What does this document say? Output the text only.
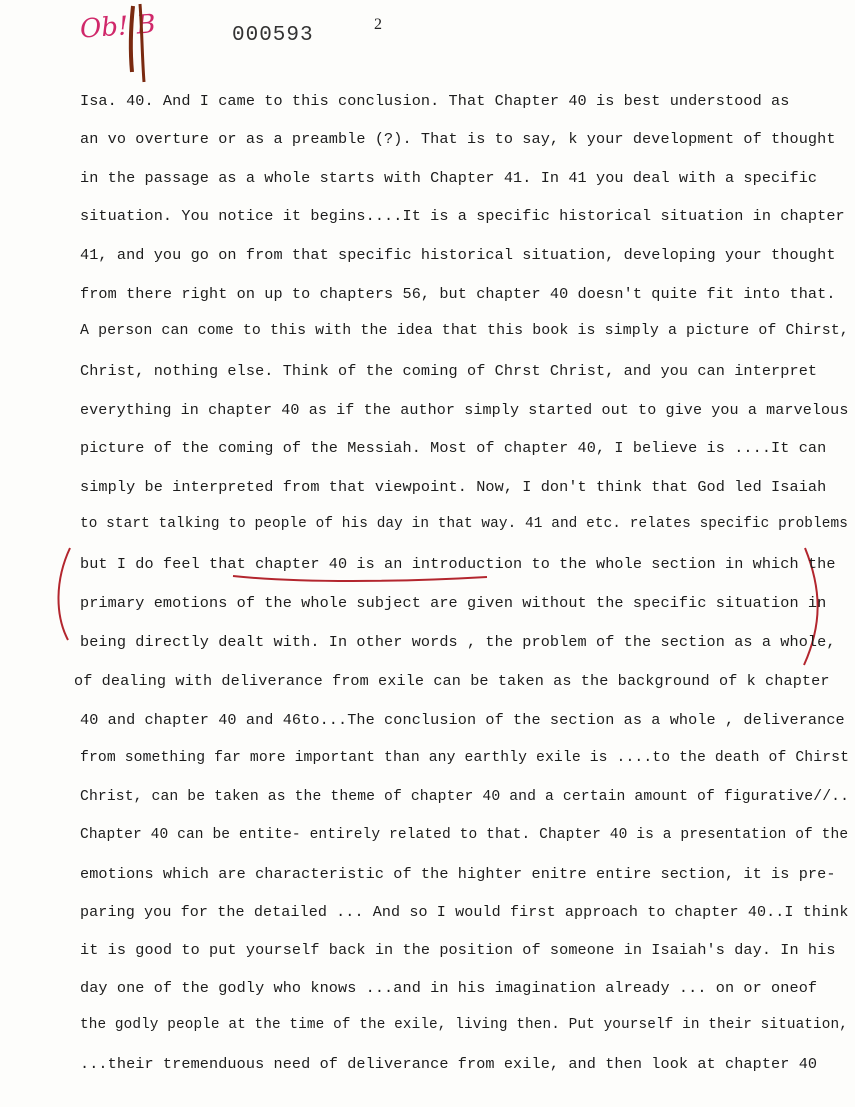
Ob! B	000593	2
Isa. 40. And I came to this conclusion. That Chapter 40 is best understood as
an vo overture or as a preamble (?). That is to say, k your development of thought
in the passage as a whole starts with Chapter 41. In 41 you deal with a specific
situation. You notice it begins....It is a specific historical situation in chapter
41, and you go on from that specific historical situation, developing your thought
from there right on up to chapters 56, but chapter 40 doesn't quite fit into that.
A person can come to this with the idea that this book is simply a picture of Chirst,
Christ, nothing else. Think of the coming of Chrst Christ, and you can interpret
everything in chapter 40 as if the author simply started out to give you a marvelous
picture of the coming of the Messiah. Most of chapter 40, I believe is ....It can
simply be interpreted from that viewpoint. Now, I don't think that God led Isaiah
to start talking to people of his day in that way. 41 and etc. relates specific problems
but I do feel that chapter 40 is an introduction to the whole section in which the
primary emotions of the whole subject are given without the specific situation in
being directly dealt with. In other words , the problem of the section as a whole,
of dealing with deliverance from exile can be taken as the background of k chapter
40 and chapter 40 and 46to...The conclusion of the section as a whole , deliverance
from something far more important than any earthly exile is ....to the death of Chirst
Christ, can be taken as the theme of chapter 40 and a certain amount of figurative//..
Chapter 40 can be entite- entirely related to that. Chapter 40 is a presentation of the
emotions which are characteristic of the highter enitre entire section, it is pre-
paring you for the detailed ... And so I would first approach to chapter 40..I think
it is good to put yourself back in the position of someone in Isaiah's day. In his
day one of the godly who knows ...and in his imagination already ... on or oneof
the godly people at the time of the exile, living then. Put yourself in their situation,
...their tremenduous need of deliverance from exile, and then look at chapter 40
